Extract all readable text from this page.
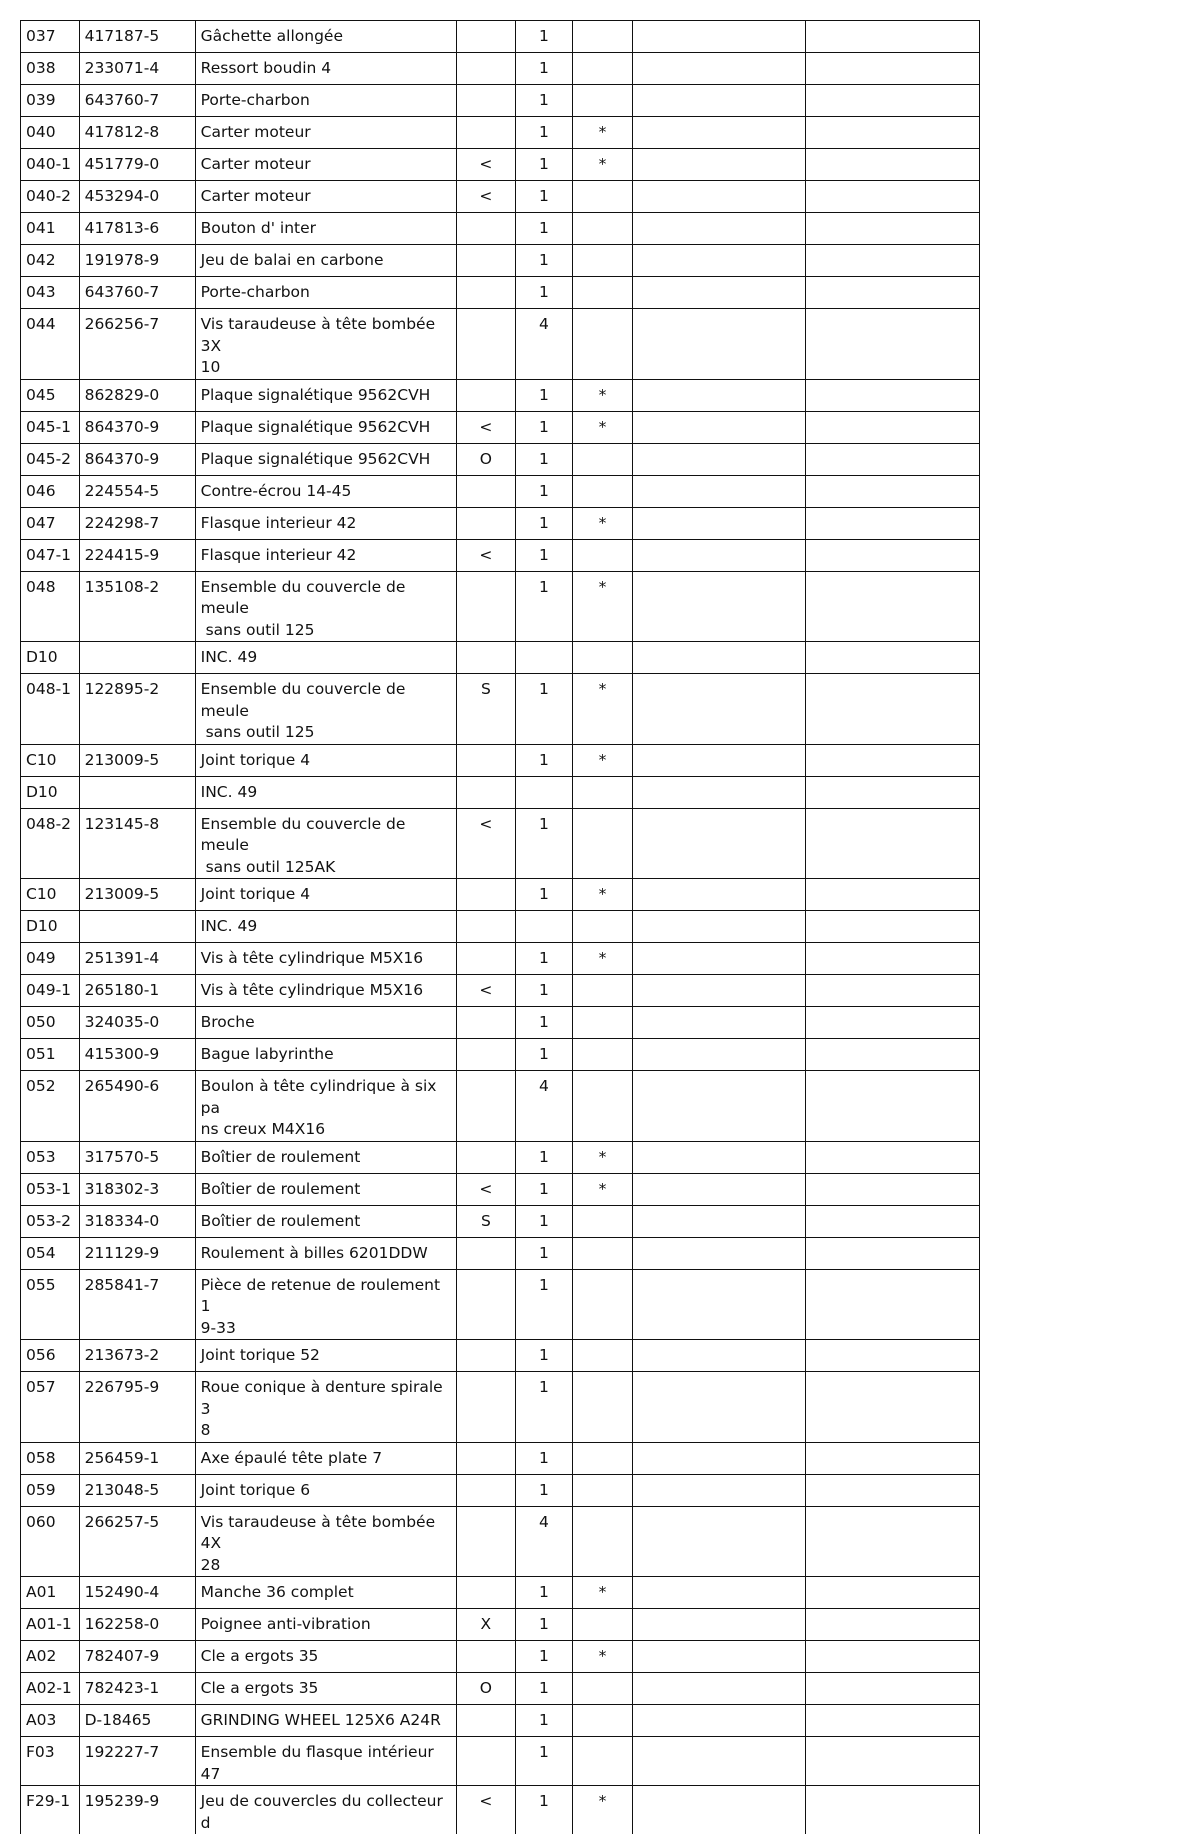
037	417187-5	Gâchette allongée		1			

038	233071-4	Ressort boudin 4		1			

039	643760-7	Porte-charbon		1			

040	417812-8	Carter moteur		1	*		

040-1	451779-0	Carter moteur	<	1	*		

040-2	453294-0	Carter moteur	<	1			

041	417813-6	Bouton d' inter		1			

042	191978-9	Jeu de balai en carbone		1			

043	643760-7	Porte-charbon		1			

044	266256-7	Vis taraudeuse à tête bombée 3X
10		4			

045	862829-0	Plaque signalétique 9562CVH		1	*		

045-1	864370-9	Plaque signalétique 9562CVH	<	1	*		

045-2	864370-9	Plaque signalétique 9562CVH	O	1			

046	224554-5	Contre-écrou 14-45		1			

047	224298-7	Flasque interieur 42		1	*		

047-1	224415-9	Flasque interieur 42	<	1			

048	135108-2	Ensemble du couvercle de meule
sans outil 125		1	*		

D10		INC. 49					

048-1	122895-2	Ensemble du couvercle de meule
sans outil 125	S	1	*		

C10	213009-5	Joint torique 4		1	*		

D10		INC. 49					

048-2	123145-8	Ensemble du couvercle de meule
sans outil 125AK	<	1			

C10	213009-5	Joint torique 4		1	*		

D10		INC. 49					

049	251391-4	Vis à tête cylindrique M5X16		1	*		

049-1	265180-1	Vis à tête cylindrique M5X16	<	1			

050	324035-0	Broche		1			

051	415300-9	Bague labyrinthe		1			

052	265490-6	Boulon à tête cylindrique à six pa
ns creux M4X16		4			

053	317570-5	Boîtier de roulement		1	*		

053-1	318302-3	Boîtier de roulement	<	1	*		

053-2	318334-0	Boîtier de roulement	S	1			

054	211129-9	Roulement à billes 6201DDW		1			

055	285841-7	Pièce de retenue de roulement 1
9-33		1			

056	213673-2	Joint torique 52		1			

057	226795-9	Roue conique à denture spirale 3
8		1			

058	256459-1	Axe épaulé tête plate 7		1			

059	213048-5	Joint torique 6		1			

060	266257-5	Vis taraudeuse à tête bombée 4X
28		4			

A01	152490-4	Manche 36 complet		1	*		

A01-1	162258-0	Poignee anti-vibration	X	1			

A02	782407-9	Cle a ergots 35		1	*		

A02-1	782423-1	Cle a ergots 35	O	1			

A03	D-18465	GRINDING WHEEL 125X6 A24R		1			

F03	192227-7	Ensemble du flasque intérieur 47		1			

F29-1	195239-9	Jeu de couvercles du collecteur d	<	1	*		
